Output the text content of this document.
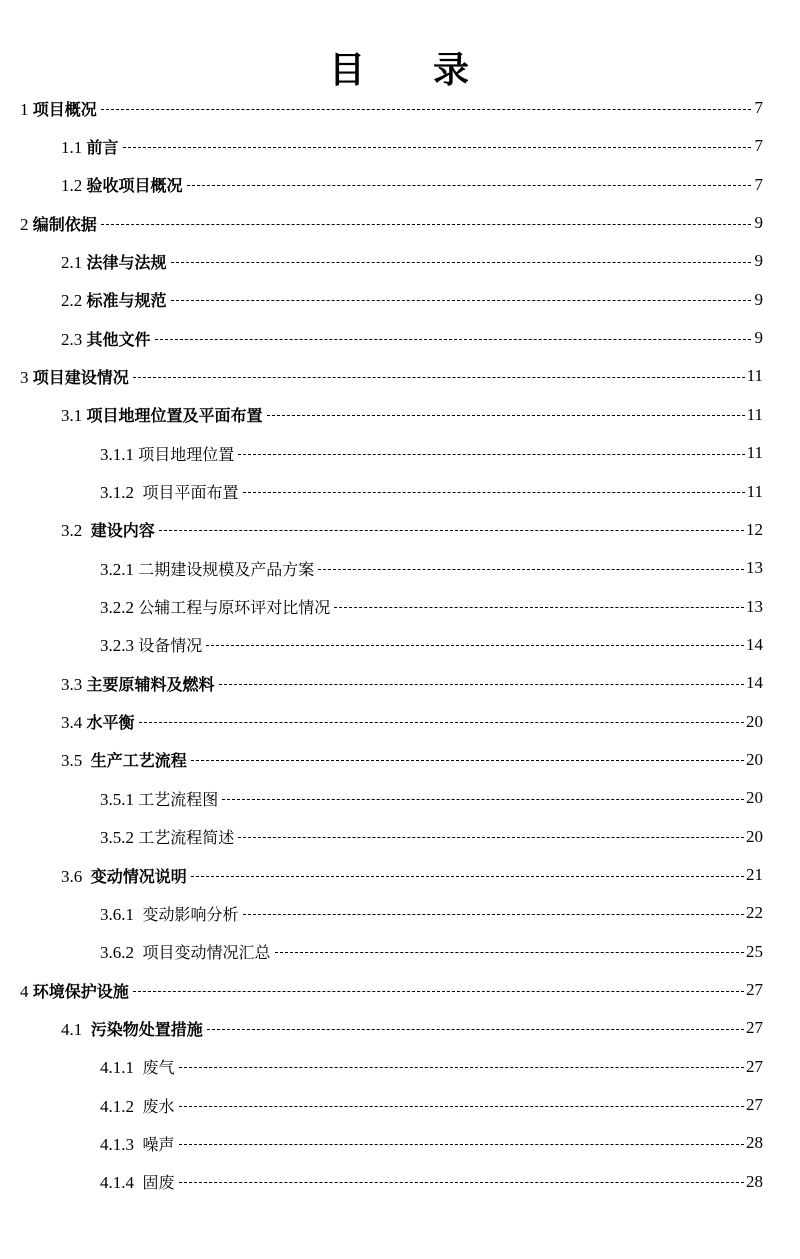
目 录
1 项目概况	7
1.1 前言	7
1.2 验收项目概况	7
2 编制依据	9
2.1 法律与法规	9
2.2 标准与规范	9
2.3 其他文件	9
3 项目建设情况	11
3.1 项目地理位置及平面布置	11
3.1.1 项目地理位置	11
3.1.2  项目平面布置	11
3.2  建设内容	12
3.2.1 二期建设规模及产品方案	13
3.2.2 公辅工程与原环评对比情况	13
3.2.3 设备情况	14
3.3 主要原辅料及燃料	14
3.4 水平衡	20
3.5  生产工艺流程	20
3.5.1 工艺流程图	20
3.5.2 工艺流程简述	20
3.6  变动情况说明	21
3.6.1  变动影响分析	22
3.6.2  项目变动情况汇总	25
4 环境保护设施	27
4.1  污染物处置措施	27
4.1.1  废气	27
4.1.2  废水	27
4.1.3  噪声	28
4.1.4  固废	28
